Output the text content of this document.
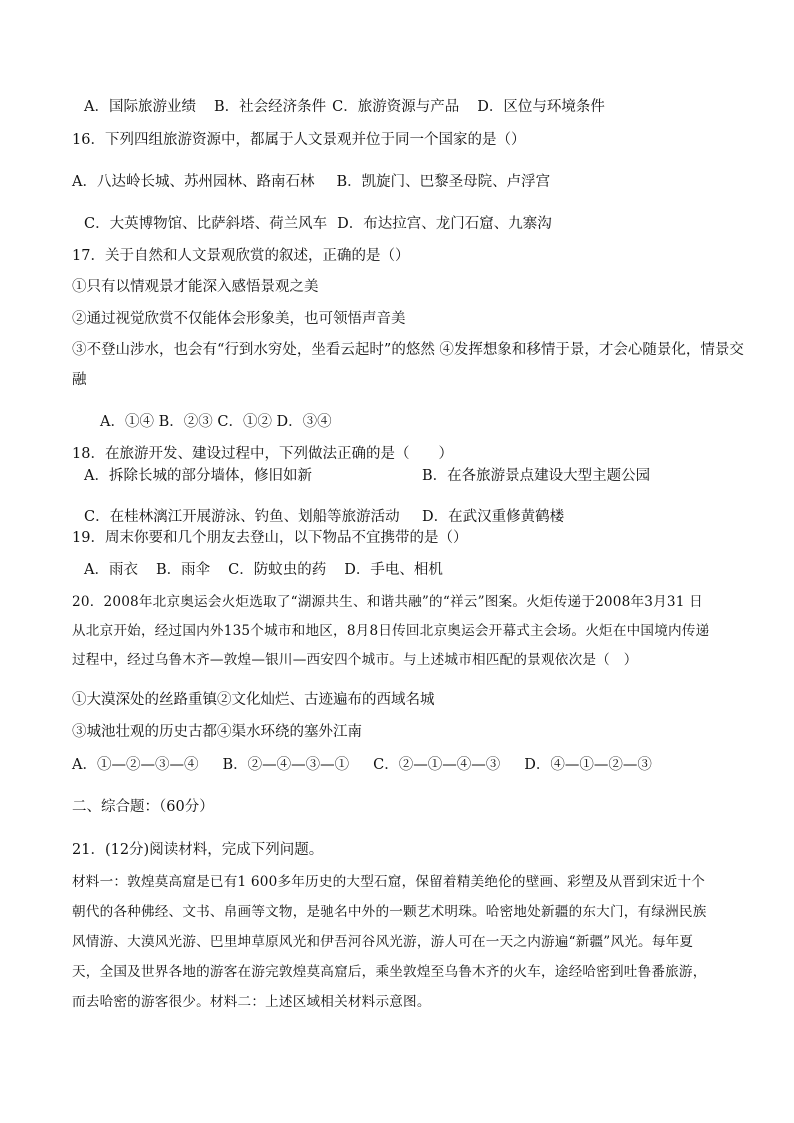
A．国际旅游业绩 B．社会经济条件 C．旅游资源与产品 D．区位与环境条件
16．下列四组旅游资源中，都属于人文景观并位于同一个国家的是（）
A．八达岭长城、苏州园林、路南石林 B．凯旋门、巴黎圣母院、卢浮宫
C．大英博物馆、比萨斜塔、荷兰风车 D．布达拉宫、龙门石窟、九寨沟
17．关于自然和人文景观欣赏的叙述，正确的是（）
①只有以情观景才能深入感悟景观之美
②通过视觉欣赏不仅能体会形象美，也可领悟声音美
③不登山涉水，也会有“行到水穷处，坐看云起时”的悠然 ④发挥想象和移情于景，才会心随景化，情景交
融
A．①④ B．②③ C．①② D．③④
18．在旅游开发、建设过程中，下列做法正确的是（　　）
A．拆除长城的部分墙体，修旧如新	B．在各旅游景点建设大型主题公园
C．在桂林漓江开展游泳、钓鱼、划船等旅游活动 D．在武汉重修黄鹤楼
19．周末你要和几个朋友去登山，以下物品不宜携带的是（）
A．雨衣 B．雨伞 C．防蚊虫的药 D．手电、相机
20．2008年北京奥运会火炬选取了“湖源共生、和谐共融”的“祥云”图案。火炬传递于2008年3月31 日
从北京开始，经过国内外135个城市和地区，8月8日传回北京奥运会开幕式主会场。火炬在中国境内传递
过程中，经过乌鲁木齐—敦煌—银川—西安四个城市。与上述城市相匹配的景观依次是（　）
①大漠深处的丝路重镇②文化灿烂、古迹遍布的西域名城
③城池壮观的历史古都④渠水环绕的塞外江南
A．①—②—③—④ B．②—④—③—① C．②—①—④—③ D．④—①—②—③
二、综合题：（60分）
21．(12分)阅读材料，完成下列问题。
材料一：敦煌莫高窟是已有1 600多年历史的大型石窟，保留着精美绝伦的壁画、彩塑及从晋到宋近十个
朝代的各种佛经、文书、帛画等文物，是驰名中外的一颗艺术明珠。哈密地处新疆的东大门，有绿洲民族
风情游、大漠风光游、巴里坤草原风光和伊吾河谷风光游，游人可在一天之内游遍“新疆”风光。每年夏
天，全国及世界各地的游客在游完敦煌莫高窟后，乘坐敦煌至乌鲁木齐的火车，途经哈密到吐鲁番旅游，
而去哈密的游客很少。材料二：上述区域相关材料示意图。
